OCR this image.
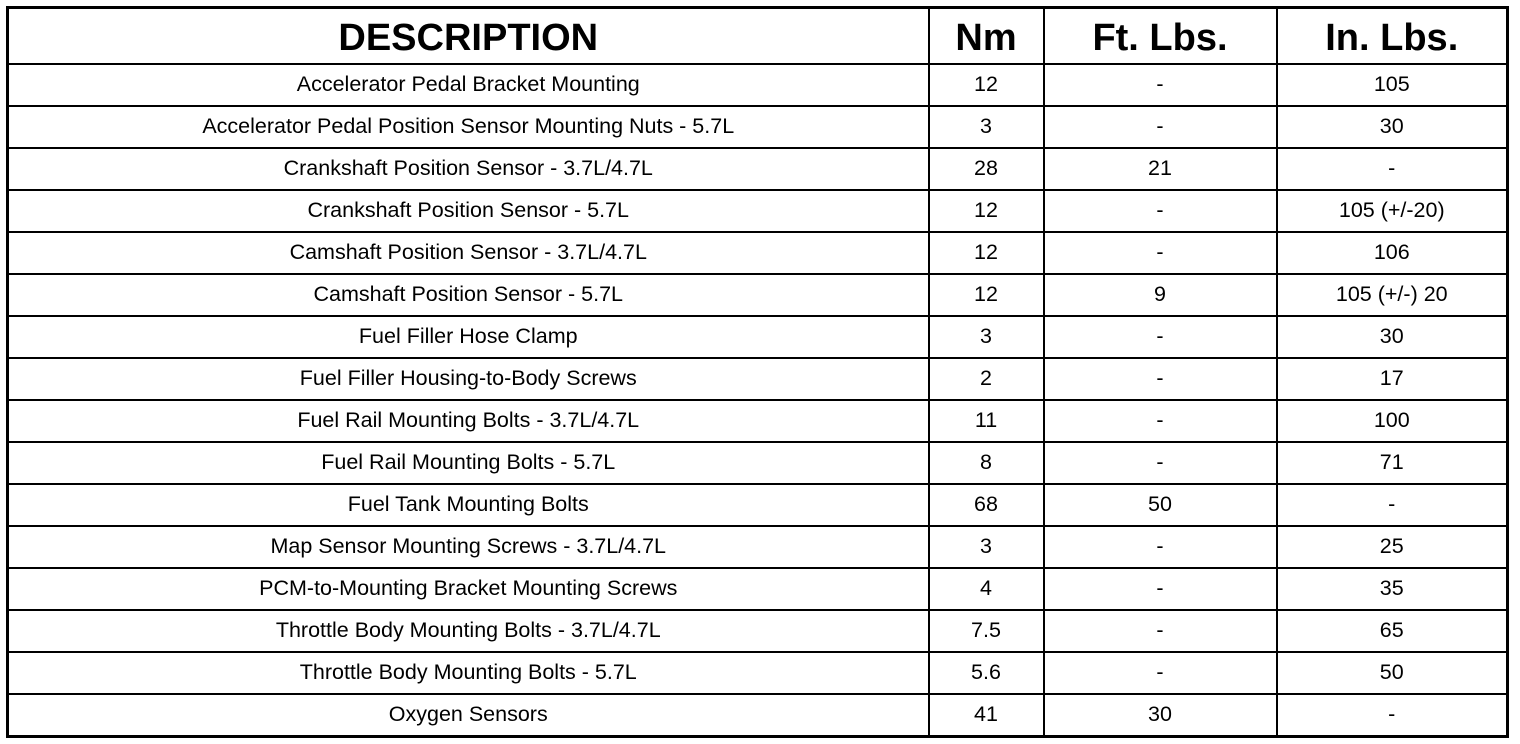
DESCRIPTION	Nm	Ft. Lbs.	In. Lbs.
Accelerator Pedal Bracket Mounting	12	-	105
Accelerator Pedal Position Sensor Mounting Nuts - 5.7L	3	-	30
Crankshaft Position Sensor - 3.7L/4.7L	28	21	-
Crankshaft Position Sensor - 5.7L	12	-	105 (+/-20)
Camshaft Position Sensor - 3.7L/4.7L	12	-	106
Camshaft Position Sensor - 5.7L	12	9	105 (+/-) 20
Fuel Filler Hose Clamp	3	-	30
Fuel Filler Housing-to-Body Screws	2	-	17
Fuel Rail Mounting Bolts - 3.7L/4.7L	11	-	100
Fuel Rail Mounting Bolts - 5.7L	8	-	71
Fuel Tank Mounting Bolts	68	50	-
Map Sensor Mounting Screws - 3.7L/4.7L	3	-	25
PCM-to-Mounting Bracket Mounting Screws	4	-	35
Throttle Body Mounting Bolts - 3.7L/4.7L	7.5	-	65
Throttle Body Mounting Bolts - 5.7L	5.6	-	50
Oxygen Sensors	41	30	-
